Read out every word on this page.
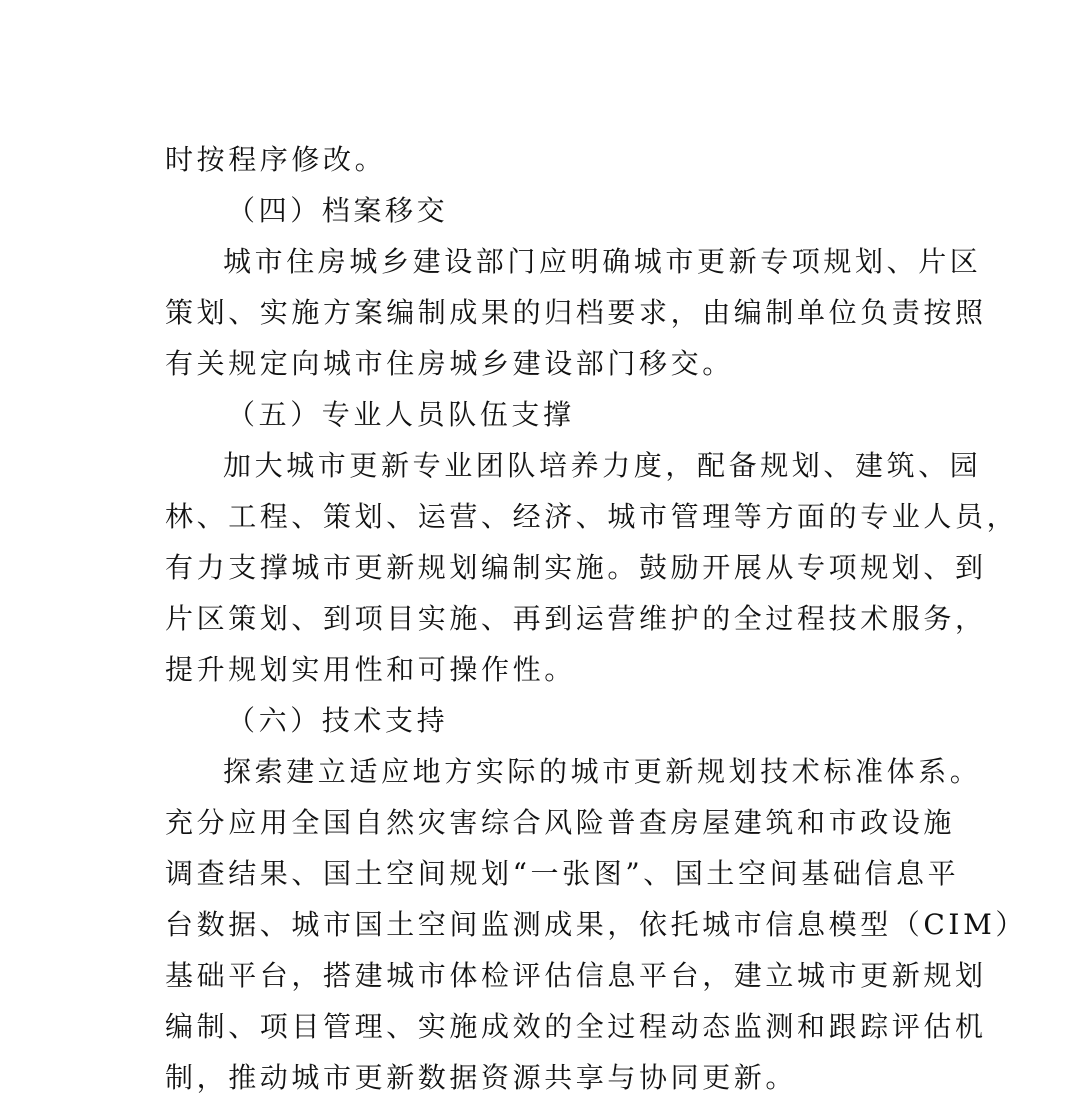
时按程序修改。
（四）档案移交
城市住房城乡建设部门应明确城市更新专项规划、片区
策划、实施方案编制成果的归档要求，由编制单位负责按照
有关规定向城市住房城乡建设部门移交。
（五）专业人员队伍支撑
加大城市更新专业团队培养力度，配备规划、建筑、园
林、工程、策划、运营、经济、城市管理等方面的专业人员，
有力支撑城市更新规划编制实施。鼓励开展从专项规划、到
片区策划、到项目实施、再到运营维护的全过程技术服务，
提升规划实用性和可操作性。
（六）技术支持
探索建立适应地方实际的城市更新规划技术标准体系。
充分应用全国自然灾害综合风险普查房屋建筑和市政设施
调查结果、国土空间规划“一张图”、国土空间基础信息平
台数据、城市国土空间监测成果，依托城市信息模型（CIM）
基础平台，搭建城市体检评估信息平台，建立城市更新规划
编制、项目管理、实施成效的全过程动态监测和跟踪评估机
制，推动城市更新数据资源共享与协同更新。
